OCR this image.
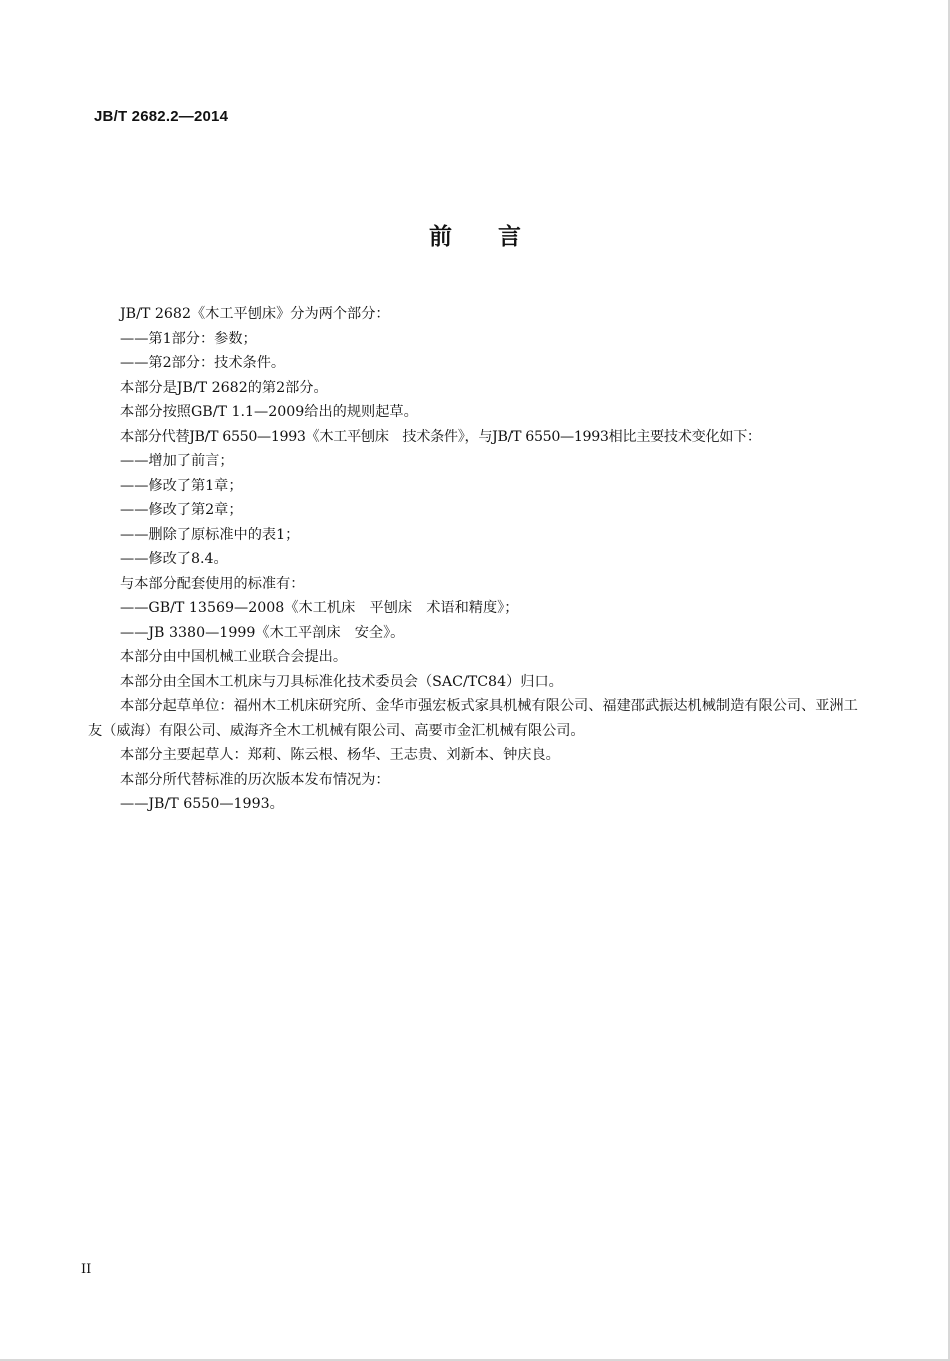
JB/T 2682.2—2014
前言

JB/T 2682《木工平刨床》分为两个部分：

——第1部分：参数；

——第2部分：技术条件。

本部分是JB/T 2682的第2部分。

本部分按照GB/T 1.1—2009给出的规则起草。

本部分代替JB/T 6550—1993《木工平刨床　技术条件》，与JB/T 6550—1993相比主要技术变化如下：

——增加了前言；

——修改了第1章；

——修改了第2章；

——删除了原标准中的表1；

——修改了8.4。

与本部分配套使用的标准有：

——GB/T 13569—2008《木工机床　平刨床　术语和精度》；

——JB 3380—1999《木工平剖床　安全》。

本部分由中国机械工业联合会提出。

本部分由全国木工机床与刀具标准化技术委员会（SAC/TC84）归口。

本部分起草单位：福州木工机床研究所、金华市强宏板式家具机械有限公司、福建邵武振达机械制造有限公司、亚洲工友（威海）有限公司、威海齐全木工机械有限公司、高要市金汇机械有限公司。

本部分主要起草人：郑莉、陈云根、杨华、王志贵、刘新本、钟庆良。

本部分所代替标准的历次版本发布情况为：

——JB/T 6550—1993。

II
